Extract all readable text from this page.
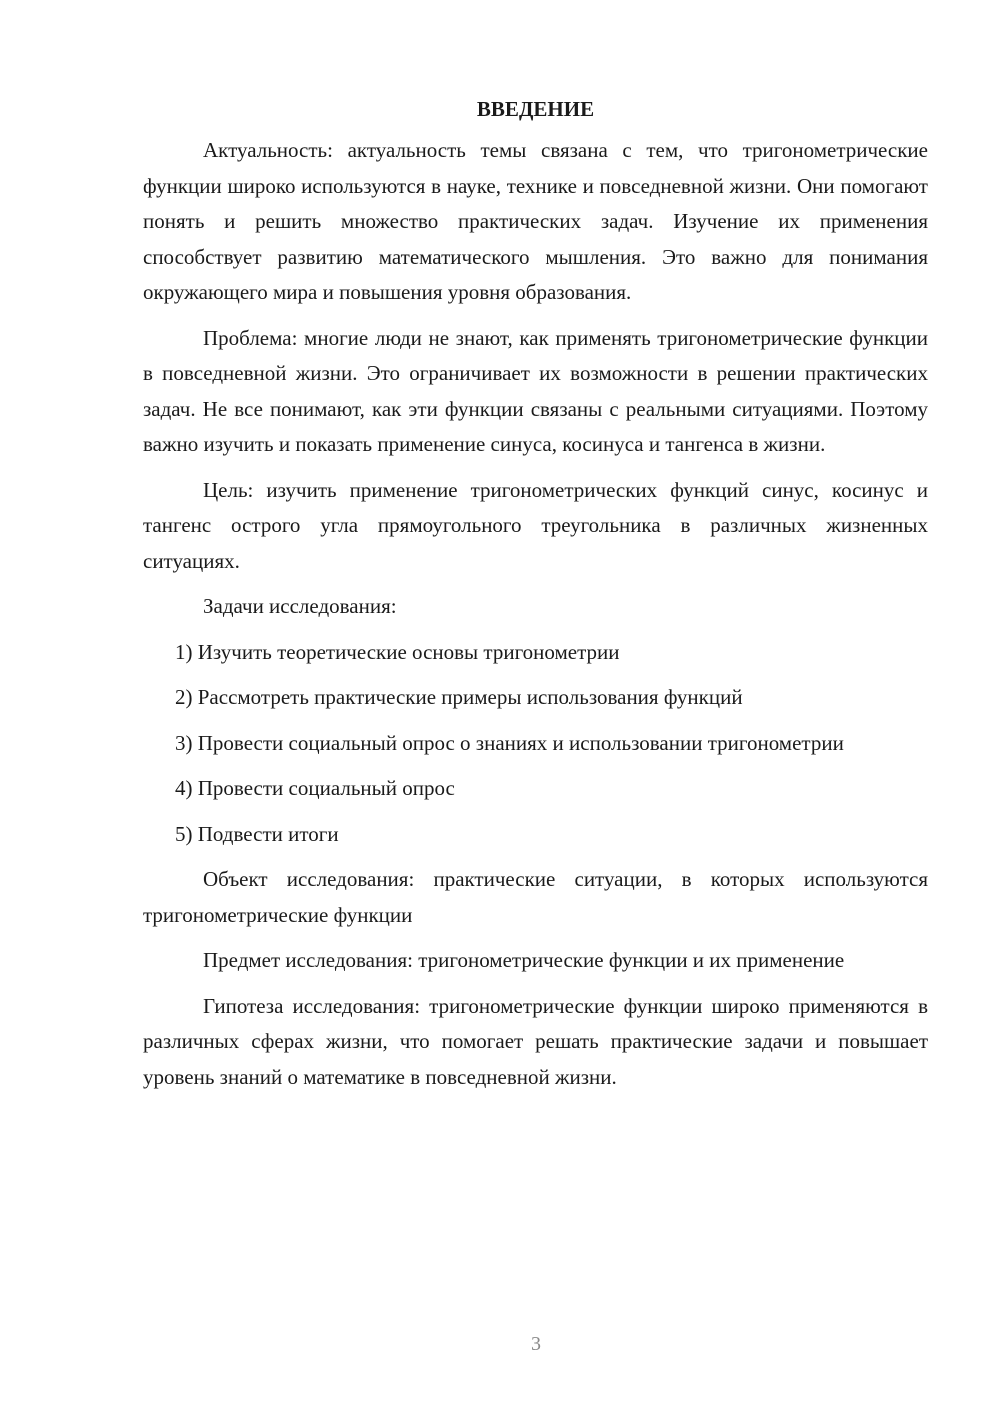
ВВЕДЕНИЕ

Актуальность: актуальность темы связана с тем, что тригонометрические функции широко используются в науке, технике и повседневной жизни. Они помогают понять и решить множество практических задач. Изучение их применения способствует развитию математического мышления. Это важно для понимания окружающего мира и повышения уровня образования.

Проблема: многие люди не знают, как применять тригонометрические функции в повседневной жизни. Это ограничивает их возможности в решении практических задач. Не все понимают, как эти функции связаны с реальными ситуациями. Поэтому важно изучить и показать применение синуса, косинуса и тангенса в жизни.

Цель: изучить применение тригонометрических функций синус, косинус и тангенс острого угла прямоугольного треугольника в различных жизненных ситуациях.

Задачи исследования:

1) Изучить теоретические основы тригонометрии

2) Рассмотреть практические примеры использования функций

3) Провести социальный опрос о знаниях и использовании тригонометрии

4) Провести социальный опрос

5) Подвести итоги

Объект исследования: практические ситуации, в которых используются тригонометрические функции

Предмет исследования: тригонометрические функции и их применение

Гипотеза исследования: тригонометрические функции широко применяются в различных сферах жизни, что помогает решать практические задачи и повышает уровень знаний о математике в повседневной жизни.

3
